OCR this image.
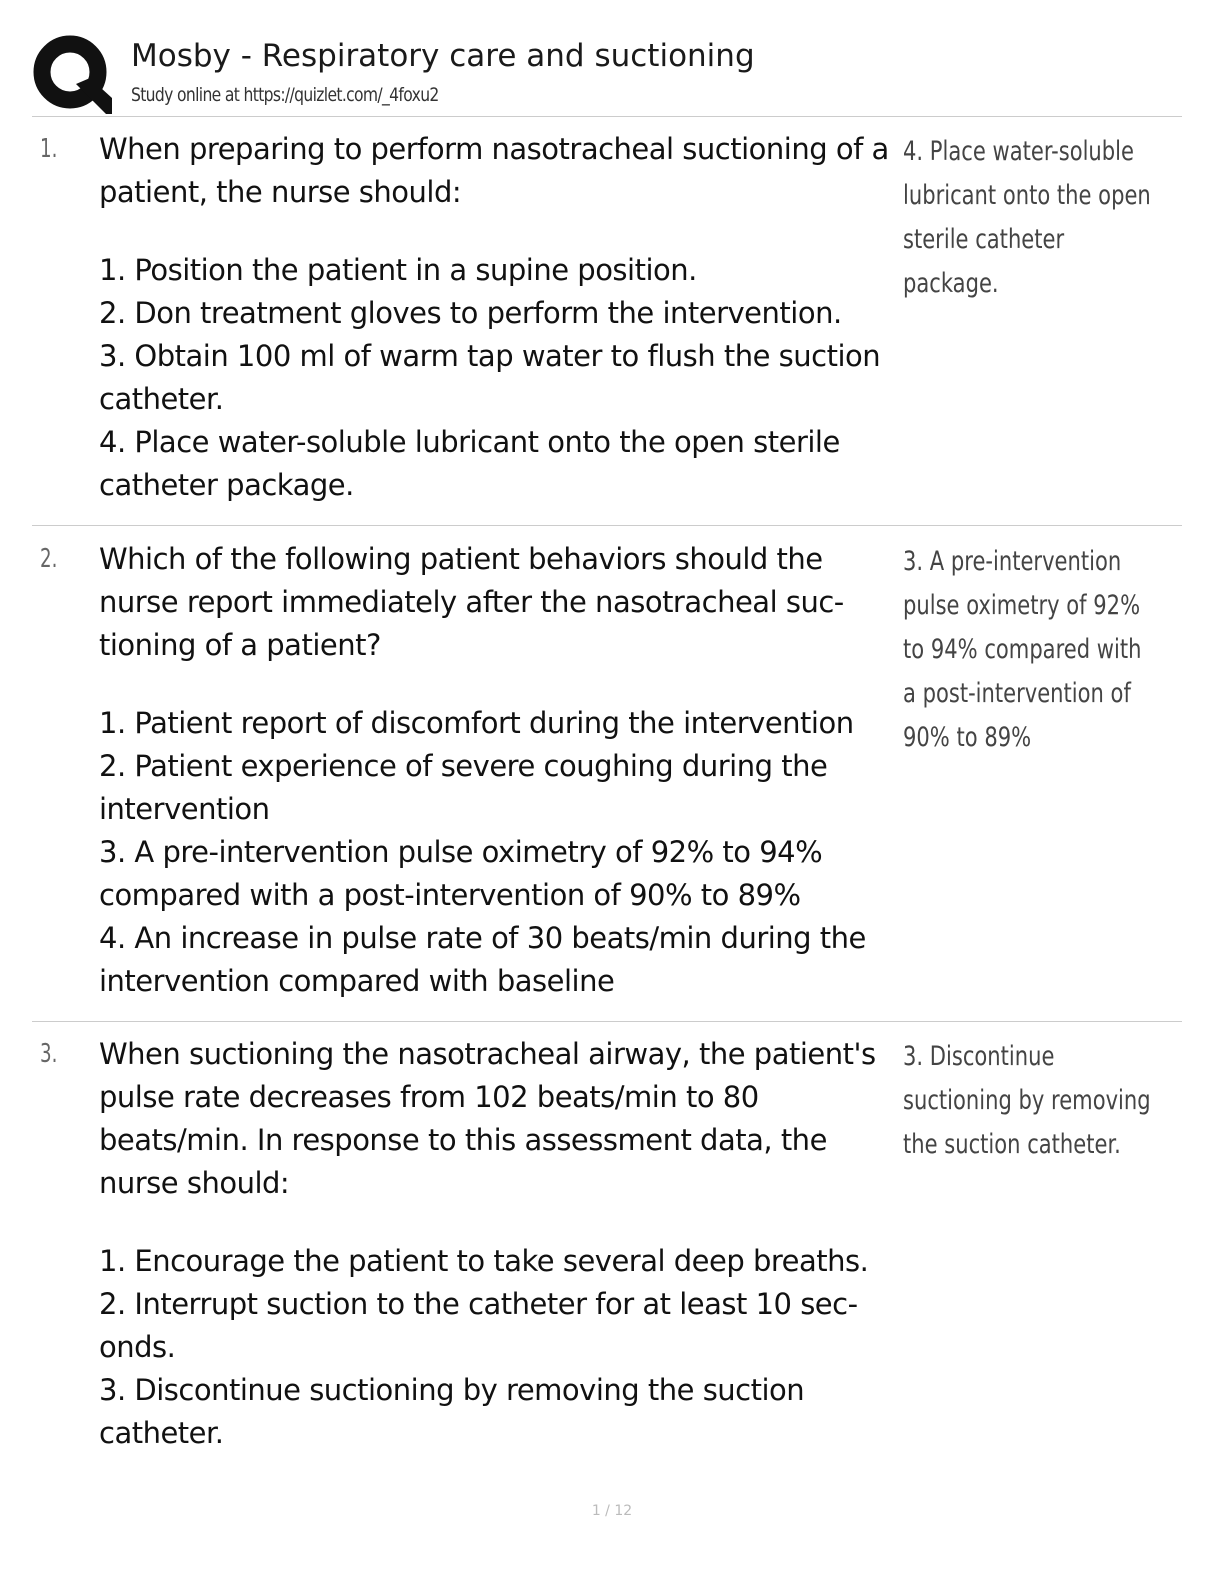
Mosby - Respiratory care and suctioning
Study online at https://quizlet.com/_4foxu2
1. When preparing to perform nasotracheal suctioning of a patient, the nurse should:

1. Position the patient in a supine position.
2. Don treatment gloves to perform the intervention.
3. Obtain 100 ml of warm tap water to flush the suction catheter.
4. Place water-soluble lubricant onto the open sterile catheter package.
4. Place water-soluble lubricant onto the open sterile catheter package.
2. Which of the following patient behaviors should the nurse report immediately after the nasotracheal suctioning of a patient?

1. Patient report of discomfort during the intervention
2. Patient experience of severe coughing during the intervention
3. A pre-intervention pulse oximetry of 92% to 94% compared with a post-intervention of 90% to 89%
4. An increase in pulse rate of 30 beats/min during the intervention compared with baseline
3. A pre-intervention pulse oximetry of 92% to 94% compared with a post-intervention of 90% to 89%
3. When suctioning the nasotracheal airway, the patient's pulse rate decreases from 102 beats/min to 80 beats/min. In response to this assessment data, the nurse should:

1. Encourage the patient to take several deep breaths.
2. Interrupt suction to the catheter for at least 10 seconds.
3. Discontinue suctioning by removing the suction catheter.
3. Discontinue suctioning by removing the suction catheter.
1 / 12
